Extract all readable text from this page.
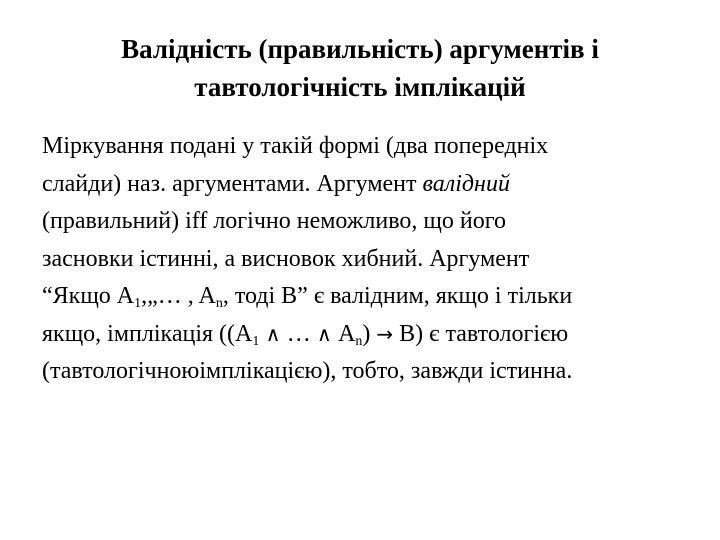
Валідність (правильність) аргументів і
тавтологічність імплікацій

Міркування подані у такій формі (два попередніх
слайди) наз. аргументами. Аргумент валідний
(правильний) iff логічно неможливо, що його
засновки істинні, а висновок хибний. Аргумент
“Якщо $A_1,„\dots$ , $A_n$, тоді B” є валідним, якщо і тільки
якщо, імплікація (($A_1$ ∧ … ∧ $A_n) \to B$) є тавтологією
(тавтологічноюімплікацією), тобто, завжди істинна.
